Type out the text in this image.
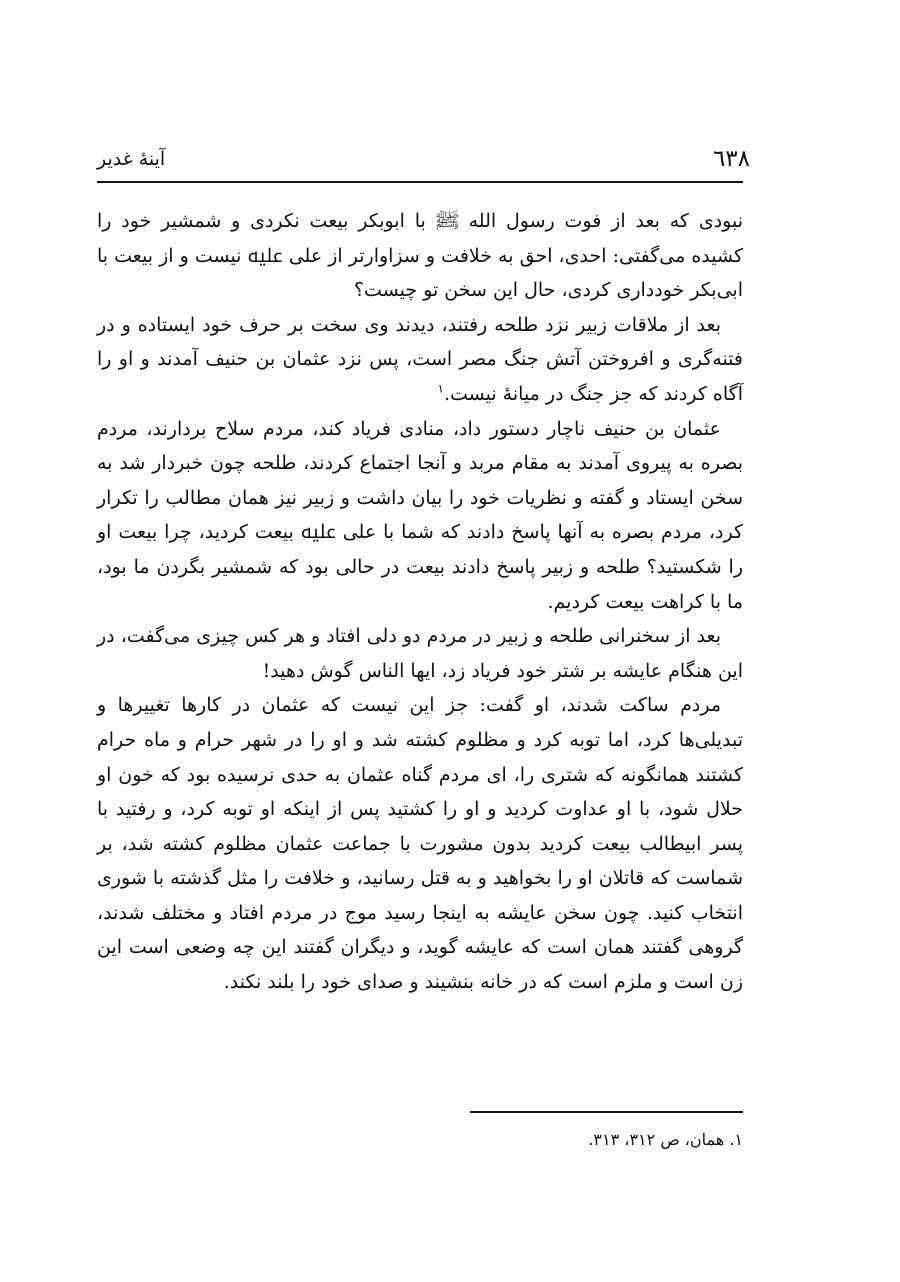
٦٣٨
آینهٔ غدیر

نبودی که بعد از فوت رسول الله ﷺ با ابوبکر بیعت نکردی و شمشیر خود را کشیده می‌گفتی: احدی، احق به خلافت و سزاوارتر از علی ﷷ نیست و از بیعت با ابی‌بکر خودداری کردی، حال این سخن تو چیست؟

بعد از ملاقات زبیر نزد طلحه رفتند، دیدند وی سخت بر حرف خود ایستاده و در فتنه‌گری و افروختن آتش جنگ مصر است، پس نزد عثمان بن حنیف آمدند و او را آگاه کردند که جز جنگ در میانهٔ نیست.$^١$

عثمان بن حنیف ناچار دستور داد، منادی فریاد کند، مردم سلاح بردارند، مردم بصره به پیروی آمدند به مقام مربد و آنجا اجتماع کردند، طلحه چون خبردار شد به سخن ایستاد و گفته و نظریات خود را بیان داشت و زبیر نیز همان مطالب را تکرار کرد، مردم بصره به آنها پاسخ دادند که شما با علی ﷷ بیعت کردید، چرا بیعت او را شکستید؟ طلحه و زبیر پاسخ دادند بیعت در حالی بود که شمشیر بگردن ما بود، ما با کراهت بیعت کردیم.

بعد از سخنرانی طلحه و زبیر در مردم دو دلی افتاد و هر کس چیزی می‌گفت، در این هنگام عایشه بر شتر خود فریاد زد، ایها الناس گوش دهید!

مردم ساکت شدند، او گفت: جز این نیست که عثمان در کارها تغییرها و تبدیلی‌ها کرد، اما توبه کرد و مظلوم کشته شد و او را در شهر حرام و ماه حرام کشتند همانگونه که شتری را، ای مردم گناه عثمان به حدی نرسیده بود که خون او حلال شود، با او عداوت کردید و او را کشتید پس از اینکه او توبه کرد، و رفتید با پسر ابیطالب بیعت کردید بدون مشورت با جماعت عثمان مظلوم کشته شد، بر شماست که قاتلان او را بخواهید و به قتل رسانید، و خلافت را مثل گذشته با شوری انتخاب کنید. چون سخن عایشه به اینجا رسید موج در مردم افتاد و مختلف شدند، گروهی گفتند همان است که عایشه گوید، و دیگران گفتند این چه وضعی است این زن است و ملزم است که در خانه بنشیند و صدای خود را بلند نکند.

١. همان، ص ٣١٢، ٣١٣.
